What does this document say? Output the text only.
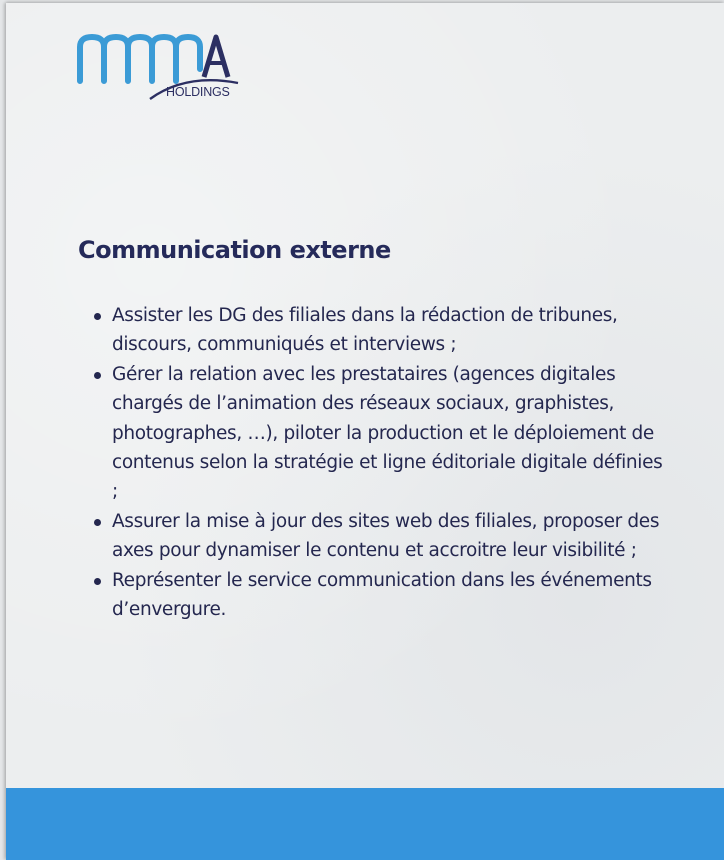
HOLDINGS
Communication externe
Assister les DG des filiales dans la rédaction de tribunes, discours, communiqués et interviews ;
Gérer la relation avec les prestataires (agences digitales chargés de l’animation des réseaux sociaux, graphistes, photographes, …), piloter la production et le déploiement de contenus selon la stratégie et ligne éditoriale digitale définies ;
Assurer la mise à jour des sites web des filiales, proposer des axes pour dynamiser le contenu et accroitre leur visibilité ;
Représenter le service communication dans les événements d’envergure.
